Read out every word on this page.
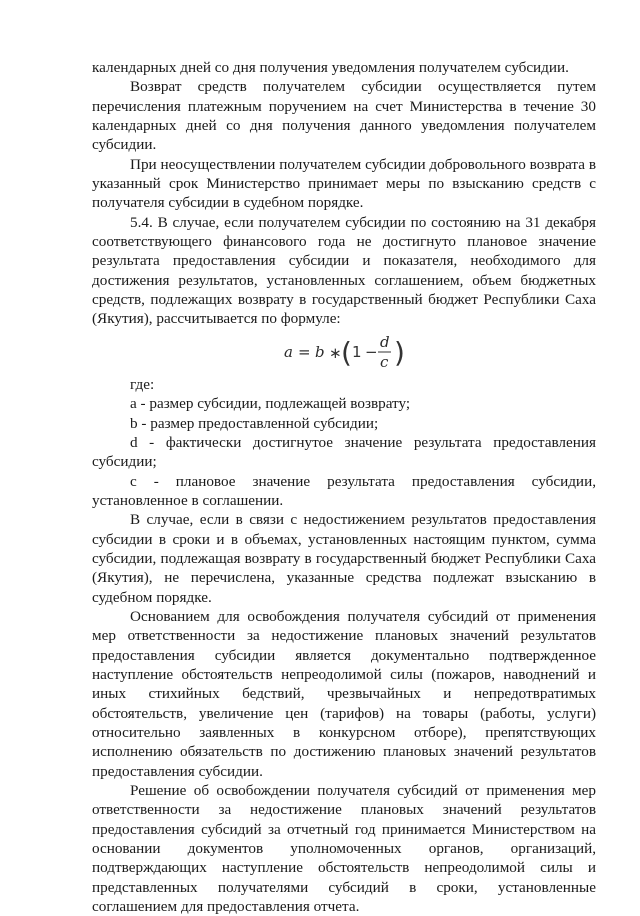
календарных дней со дня получения уведомления получателем субсидии.

Возврат средств получателем субсидии осуществляется путем перечисления платежным поручением на счет Министерства в течение 30 календарных дней со дня получения данного уведомления получателем субсидии.

При неосуществлении получателем субсидии добровольного возврата в указанный срок Министерство принимает меры по взысканию средств с получателя субсидии в судебном порядке.

5.4. В случае, если получателем субсидии по состоянию на 31 декабря соответствующего финансового года не достигнуто плановое значение результата предоставления субсидии и показателя, необходимого для достижения результатов, установленных соглашением, объем бюджетных средств, подлежащих возврату в государственный бюджет Республики Саха (Якутия), рассчитывается по формуле:

a = b ∗ ( 1 −
d
c )

где:

a - размер субсидии, подлежащей возврату;

b - размер предоставленной субсидии;

d - фактически достигнутое значение результата предоставления субсидии;

c - плановое значение результата предоставления субсидии, установленное в соглашении.

В случае, если в связи с недостижением результатов предоставления субсидии в сроки и в объемах, установленных настоящим пунктом, сумма субсидии, подлежащая возврату в государственный бюджет Республики Саха (Якутия), не перечислена, указанные средства подлежат взысканию в судебном порядке.

Основанием для освобождения получателя субсидий от применения мер ответственности за недостижение плановых значений результатов предоставления субсидии является документально подтвержденное наступление обстоятельств непреодолимой силы (пожаров, наводнений и иных стихийных бедствий, чрезвычайных и непредотвратимых обстоятельств, увеличение цен (тарифов) на товары (работы, услуги) относительно заявленных в конкурсном отборе), препятствующих исполнению обязательств по достижению плановых значений результатов предоставления субсидии.

Решение об освобождении получателя субсидий от применения мер ответственности за недостижение плановых значений результатов предоставления субсидий за отчетный год принимается Министерством на основании документов уполномоченных органов, организаций, подтверждающих наступление обстоятельств непреодолимой силы и представленных получателями субсидий в сроки, установленные соглашением для предоставления отчета.
